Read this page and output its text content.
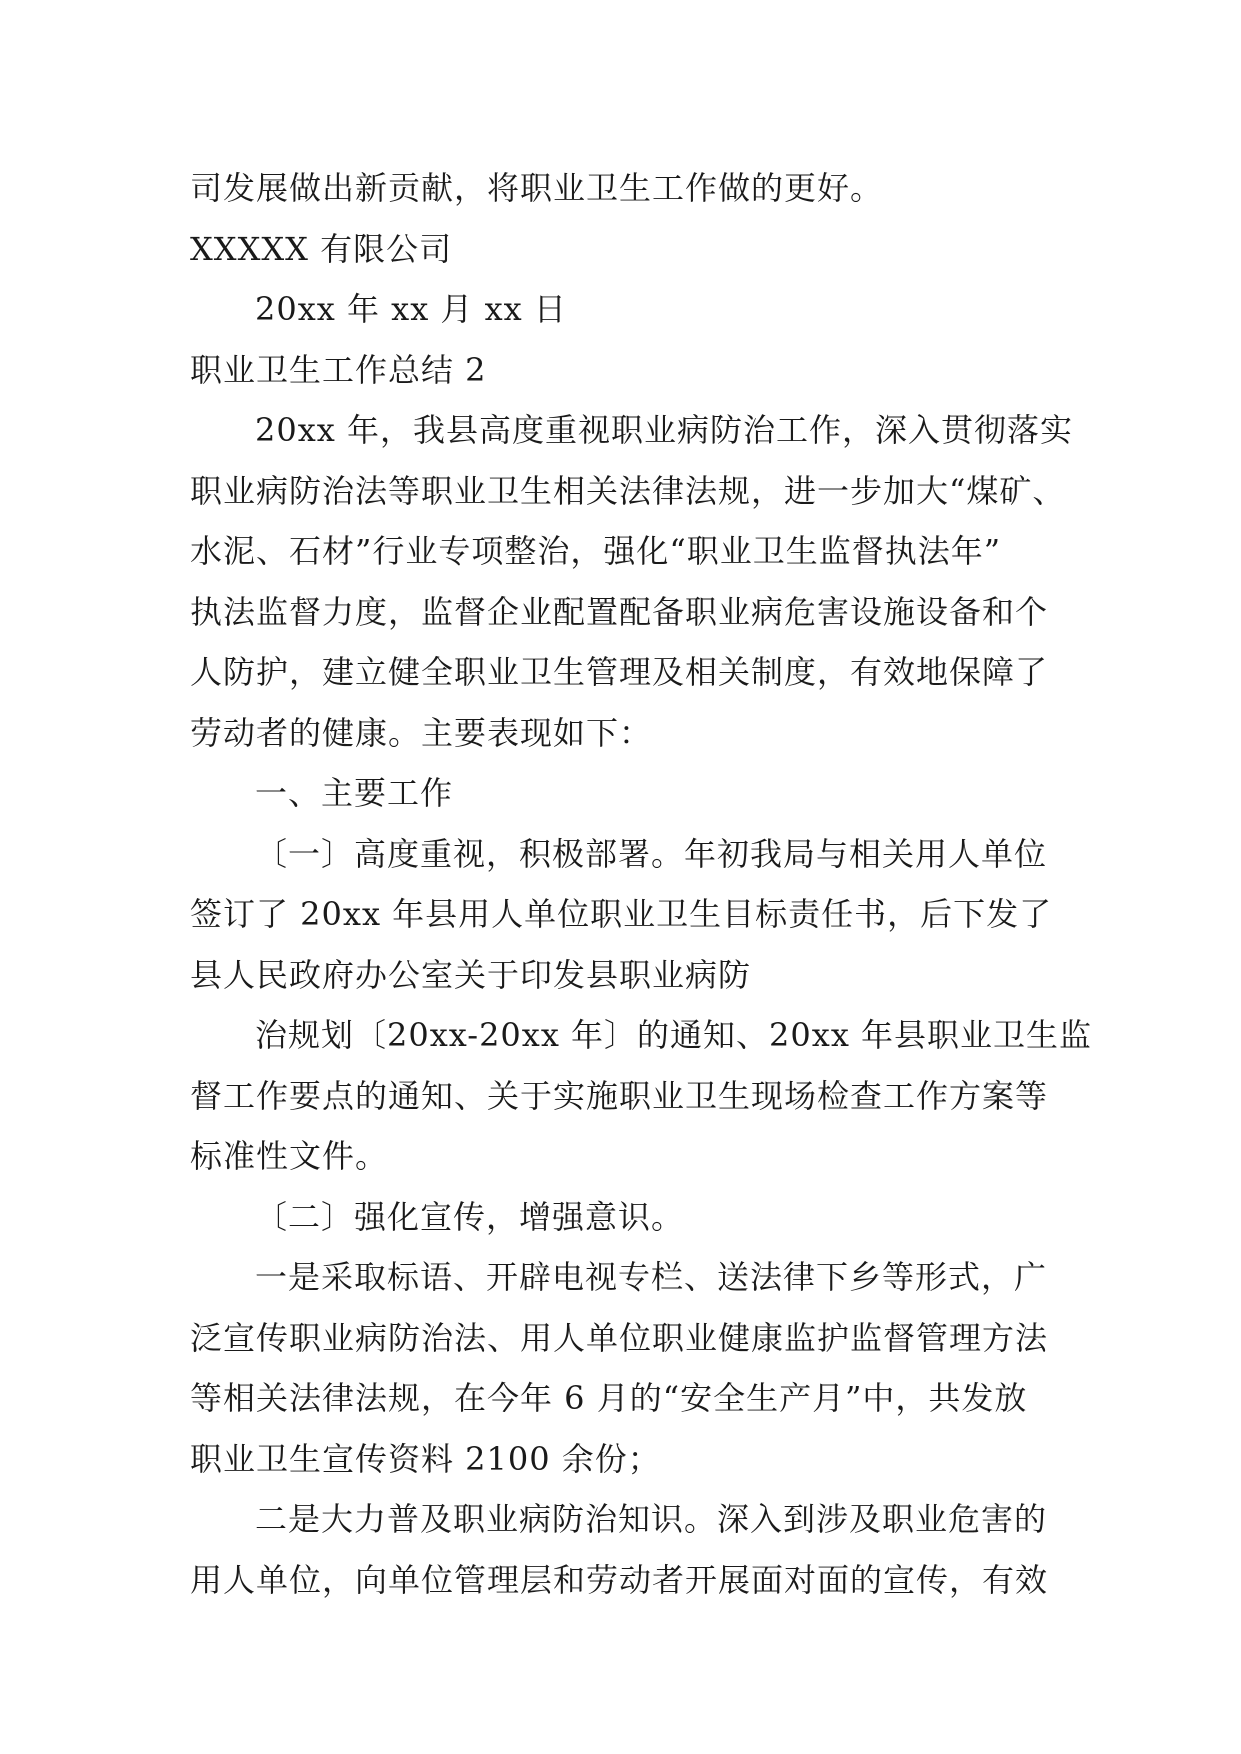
司发展做出新贡献，将职业卫生工作做的更好。
XXXXX 有限公司
20xx 年 xx 月 xx 日
职业卫生工作总结 2
20xx 年，我县高度重视职业病防治工作，深入贯彻落实
职业病防治法等职业卫生相关法律法规，进一步加大“煤矿、
水泥、石材”行业专项整治，强化“职业卫生监督执法年”
执法监督力度，监督企业配置配备职业病危害设施设备和个
人防护，建立健全职业卫生管理及相关制度，有效地保障了
劳动者的健康。主要表现如下：
一、主要工作
〔一〕高度重视，积极部署。年初我局与相关用人单位
签订了 20xx 年县用人单位职业卫生目标责任书，后下发了
县人民政府办公室关于印发县职业病防
治规划〔20xx-20xx 年〕的通知、20xx 年县职业卫生监
督工作要点的通知、关于实施职业卫生现场检查工作方案等
标准性文件。
〔二〕强化宣传，增强意识。
一是采取标语、开辟电视专栏、送法律下乡等形式，广
泛宣传职业病防治法、用人单位职业健康监护监督管理方法
等相关法律法规，在今年 6 月的“安全生产月”中，共发放
职业卫生宣传资料 2100 余份；
二是大力普及职业病防治知识。深入到涉及职业危害的
用人单位，向单位管理层和劳动者开展面对面的宣传，有效
